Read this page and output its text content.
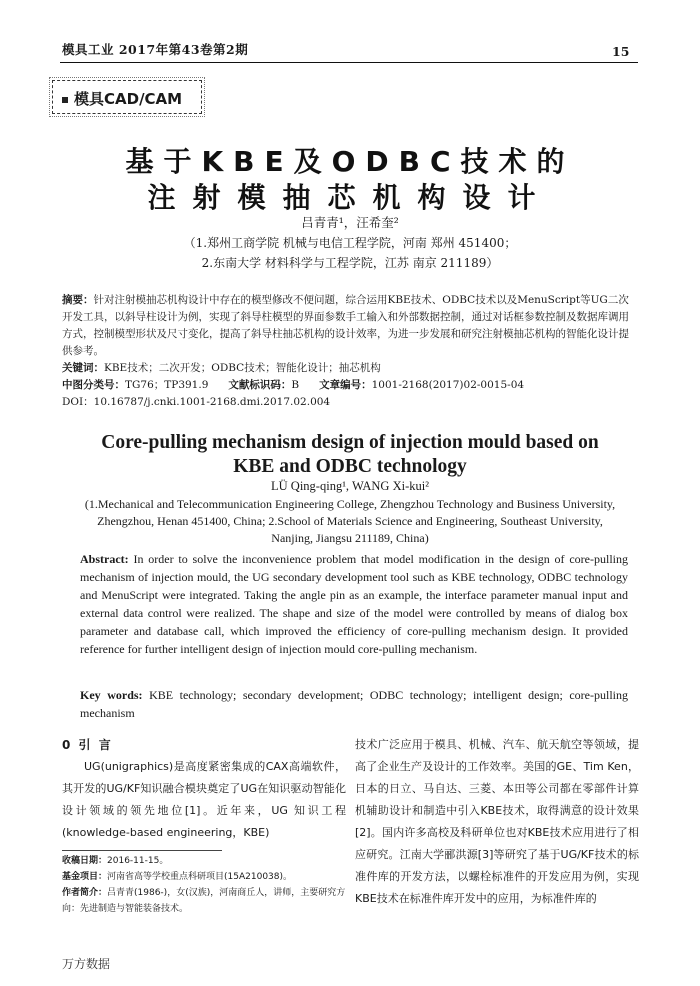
模具工业 2017年第43卷第2期	15
模具CAD/CAM
基于KBE及ODBC技术的
注射模抽芯机构设计
吕青青¹，汪希奎²
（1.郑州工商学院 机械与电信工程学院，河南 郑州 451400；
2.东南大学 材料科学与工程学院，江苏 南京 211189）
摘要：针对注射模抽芯机构设计中存在的模型修改不便问题，综合运用KBE技术、ODBC技术以及MenuScript等UG二次开发工具，以斜导柱设计为例，实现了斜导柱模型的界面参数手工输入和外部数据控制，通过对话框参数控制及数据库调用方式，控制模型形状及尺寸变化，提高了斜导柱抽芯机构的设计效率，为进一步发展和研究注射模抽芯机构的智能化设计提供参考。
关键词：KBE技术；二次开发；ODBC技术；智能化设计；抽芯机构
中图分类号：TG76；TP391.9 文献标识码：B 文章编号：1001-2168(2017)02-0015-04
DOI：10.16787/j.cnki.1001-2168.dmi.2017.02.004
Core-pulling mechanism design of injection mould based on
KBE and ODBC technology
LÜ Qing-qing¹, WANG Xi-kui²
(1.Mechanical and Telecommunication Engineering College, Zhengzhou Technology and Business University, Zhengzhou, Henan 451400, China; 2.School of Materials Science and Engineering, Southeast University, Nanjing, Jiangsu 211189, China)
Abstract: In order to solve the inconvenience problem that model modification in the design of core-pulling mechanism of injection mould, the UG secondary development tool such as KBE technology, ODBC technology and MenuScript were integrated. Taking the angle pin as an example, the interface parameter manual input and external data control were realized. The shape and size of the model were controlled by means of dialog box parameter and database call, which improved the efficiency of core-pulling mechanism design. It provided reference for further intelligent design of injection mould core-pulling mechanism.
Key words: KBE technology; secondary development; ODBC technology; intelligent design; core-pulling mechanism
0 引 言
UG(unigraphics)是高度紧密集成的CAX高端软件，其开发的UG/KF知识融合模块奠定了UG在知识驱动智能化设计领域的领先地位[1]。近年来，UG 知识工程(knowledge-based engineering，KBE)
技术广泛应用于模具、机械、汽车、航天航空等领域，提高了企业生产及设计的工作效率。美国的GE、Tim Ken，日本的日立、马自达、三菱、本田等公司都在零部件计算机辅助设计和制造中引入KBE技术，取得满意的设计效果[2]。国内许多高校及科研单位也对KBE技术应用进行了相应研究。江南大学郦洪源[3]等研究了基于UG/KF技术的标准件库的开发方法，以螺栓标准件的开发应用为例，实现KBE技术在标准件库开发中的应用，为标准件库的
收稿日期：2016-11-15。
基金项目：河南省高等学校重点科研项目(15A210038)。
作者简介：吕青青(1986-)，女(汉族)，河南商丘人，讲师，主要研究方向：先进制造与智能装备技术。
万方数据
